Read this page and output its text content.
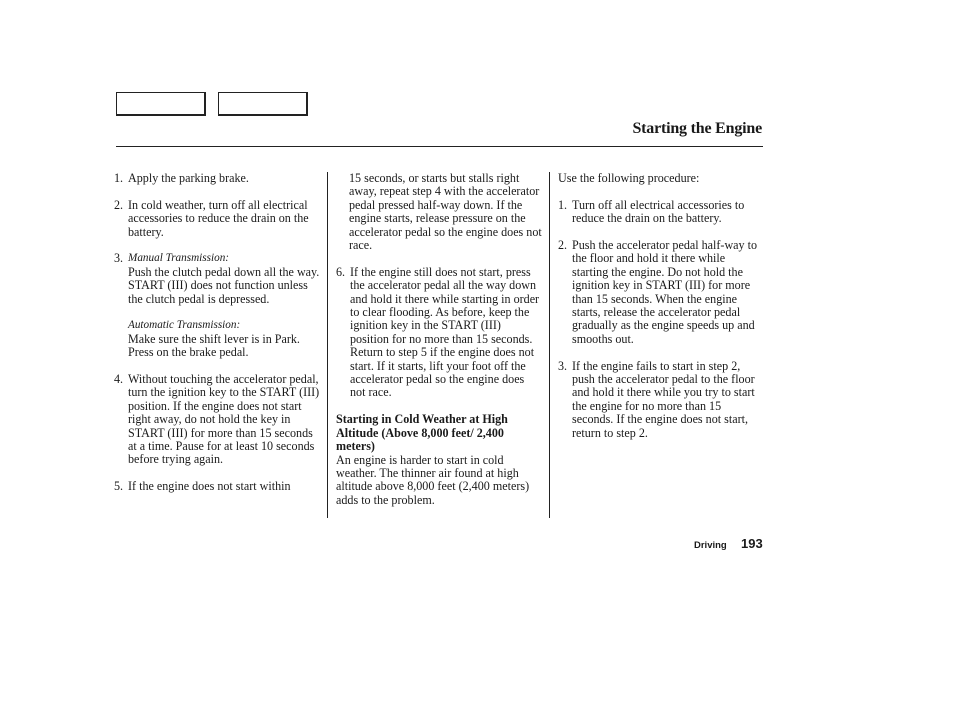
Starting the Engine
1. Apply the parking brake.
2. In cold weather, turn off all electrical accessories to reduce the drain on the battery.
3. Manual Transmission:
Push the clutch pedal down all the way. START (III) does not function unless the clutch pedal is depressed.
Automatic Transmission:
Make sure the shift lever is in Park. Press on the brake pedal.
4. Without touching the accelerator pedal, turn the ignition key to the START (III) position. If the engine does not start right away, do not hold the key in START (III) for more than 15 seconds at a time. Pause for at least 10 seconds before trying again.
5. If the engine does not start within
15 seconds, or starts but stalls right away, repeat step 4 with the accelerator pedal pressed half-way down. If the engine starts, release pressure on the accelerator pedal so the engine does not race.
6. If the engine still does not start, press the accelerator pedal all the way down and hold it there while starting in order to clear flooding. As before, keep the ignition key in the START (III) position for no more than 15 seconds. Return to step 5 if the engine does not start. If it starts, lift your foot off the accelerator pedal so the engine does not race.
Starting in Cold Weather at High Altitude (Above 8,000 feet/ 2,400 meters)
An engine is harder to start in cold weather. The thinner air found at high altitude above 8,000 feet (2,400 meters) adds to the problem.
Use the following procedure:
1. Turn off all electrical accessories to reduce the drain on the battery.
2. Push the accelerator pedal half-way to the floor and hold it there while starting the engine. Do not hold the ignition key in START (III) for more than 15 seconds. When the engine starts, release the accelerator pedal gradually as the engine speeds up and smooths out.
3. If the engine fails to start in step 2, push the accelerator pedal to the floor and hold it there while you try to start the engine for no more than 15 seconds. If the engine does not start, return to step 2.
Driving 193
